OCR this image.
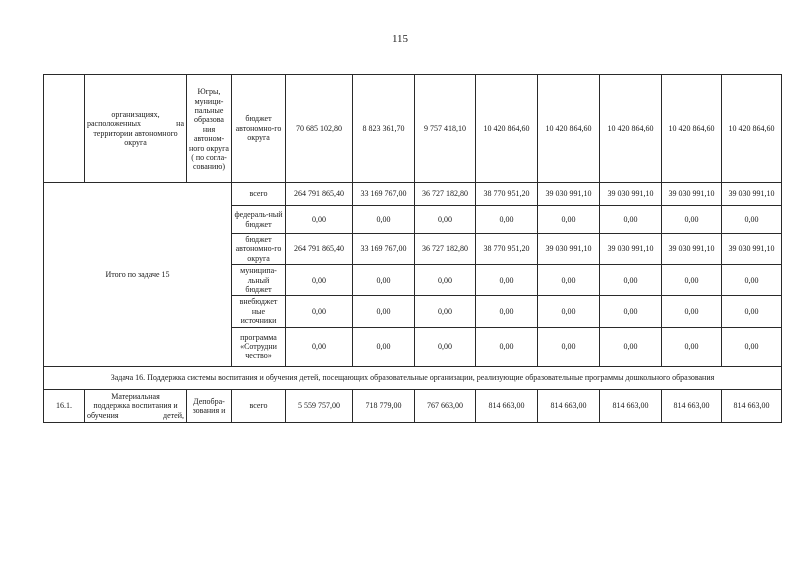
115

	организациях,
расположенных на
территории автономного
округа	Югры, муници-пальные образова ния автоном-ного округа ( по согла-сованию)	бюджет автономно-го округа	70 685 102,80	8 823 361,70	9 757 418,10	10 420 864,60	10 420 864,60	10 420 864,60	10 420 864,60	10 420 864,60
Итого по задаче 15			всего	264 791 865,40	33 169 767,00	36 727 182,80	38 770 951,20	39 030 991,10	39 030 991,10	39 030 991,10	39 030 991,10
			федераль-ный бюджет	0,00	0,00	0,00	0,00	0,00	0,00	0,00	0,00
			бюджет автономно-го округа	264 791 865,40	33 169 767,00	36 727 182,80	38 770 951,20	39 030 991,10	39 030 991,10	39 030 991,10	39 030 991,10
			муниципа-льный бюджет	0,00	0,00	0,00	0,00	0,00	0,00	0,00	0,00
			внебюджет ные источники	0,00	0,00	0,00	0,00	0,00	0,00	0,00	0,00
			программа «Сотрудни чество»	0,00	0,00	0,00	0,00	0,00	0,00	0,00	0,00
Задача 16. Поддержка системы воспитания и обучения детей, посещающих образовательные организации, реализующие образовательные программы дошкольного образования											
16.1.	Материальная
поддержка воспитания и
обучения детей,	Депобра-зования и	всего	5 559 757,00	718 779,00	767 663,00	814 663,00	814 663,00	814 663,00	814 663,00	814 663,00
